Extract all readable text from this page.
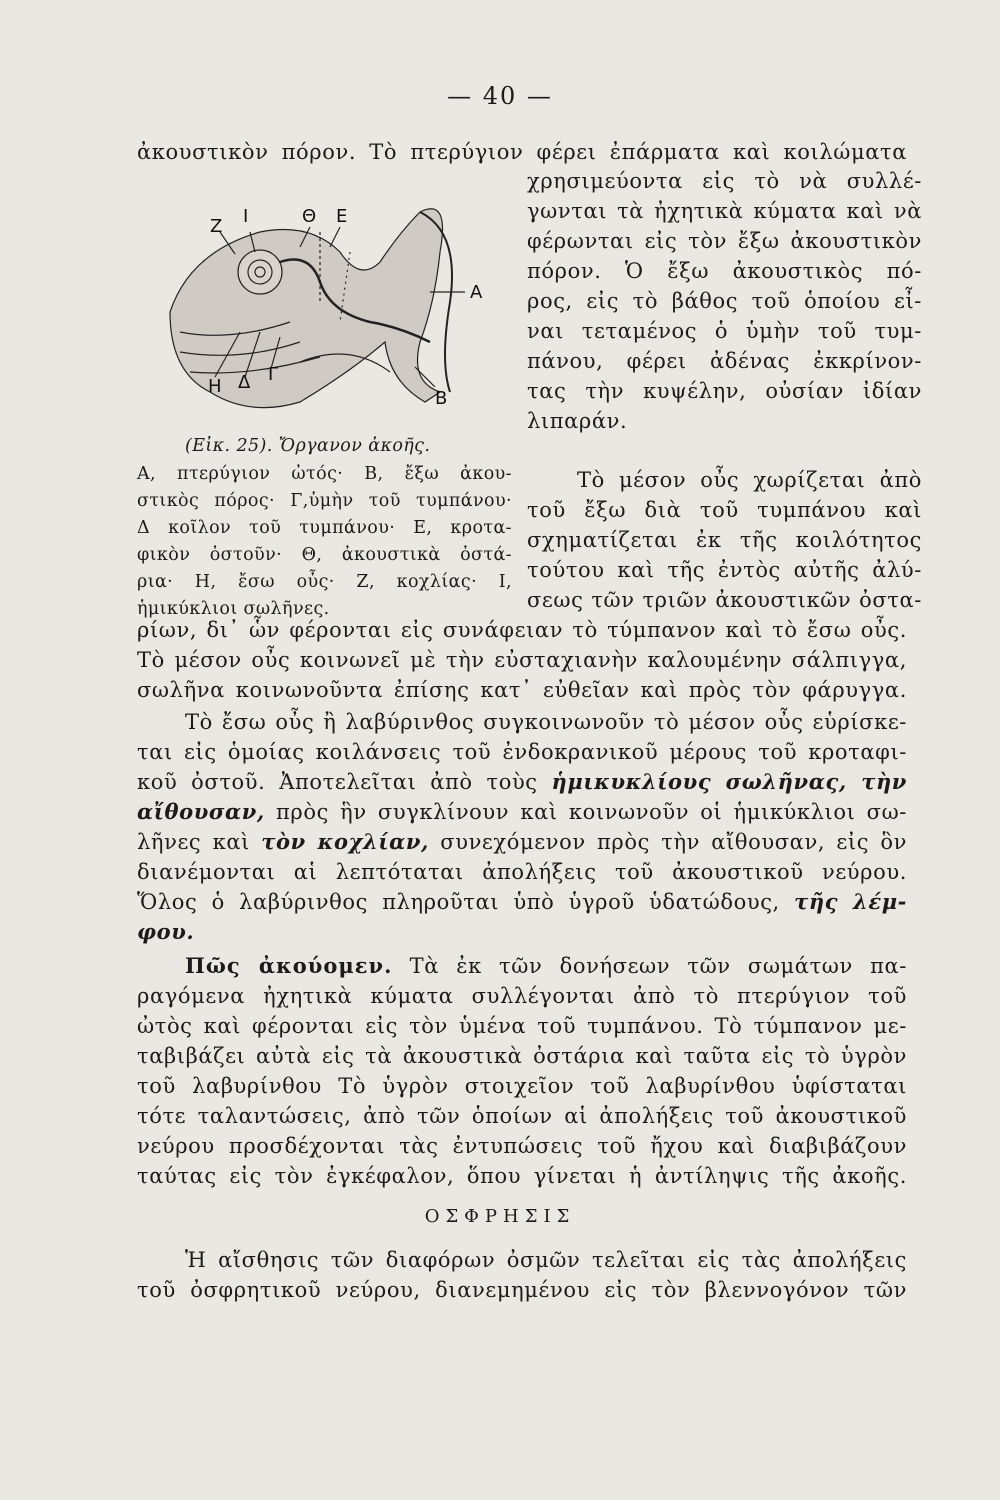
— 40 —
ἀκουστικὸν πόρον. Τὸ πτερύγιον φέρει ἐπάρματα καὶ κοιλώματα
Ζ Ι	Θ Ε
Α
Η Δ Γ
Β
χρησιμεύοντα εἰς τὸ νὰ συλλέ-
γωνται τὰ ἠχητικὰ κύματα καὶ νὰ
φέρωνται εἰς τὸν ἔξω ἀκουστικὸν
πόρον. Ὁ ἔξω ἀκουστικὸς πό-
ρος, εἰς τὸ βάθος τοῦ ὁποίου εἶ-
ναι τεταμένος ὁ ὑμὴν τοῦ τυμ-
πάνου, φέρει ἀδένας ἐκκρίνον-
τας τὴν κυψέλην, οὐσίαν ἰδίαν
λιπαράν.
(Εἰκ. 25). Ὄργανον ἀκοῆς.
Α, πτερύγιον ὠτός· Β, ἔξω ἀκου-
στικὸς πόρος· Γ,ὑμὴν τοῦ τυμπάνου·
Δ κοῖλον τοῦ τυμπάνου· Ε, κροτα-
φικὸν ὀστοῦν· Θ, ἀκουστικὰ ὀστά-
ρια· Η, ἔσω οὖς· Ζ, κοχλίας· Ι,
ἡμικύκλιοι σωλῆνες.
Τὸ μέσον οὖς χωρίζεται ἀπὸ
τοῦ ἔξω διὰ τοῦ τυμπάνου καὶ
σχηματίζεται ἐκ τῆς κοιλότητος
τούτου καὶ τῆς ἐντὸς αὐτῆς ἀλύ-
σεως τῶν τριῶν ἀκουστικῶν ὀστα-
ρίων, δι᾿ ὧν φέρονται εἰς συνάφειαν τὸ τύμπανον καὶ τὸ ἔσω οὖς.
Τὸ μέσον οὖς κοινωνεῖ μὲ τὴν εὐσταχιανὴν καλουμένην σάλπιγγα,
σωλῆνα κοινωνοῦντα ἐπίσης κατ᾿ εὐθεῖαν καὶ πρὸς τὸν φάρυγγα.
Τὸ ἔσω οὖς ἢ λαβύρινθος συγκοινωνοῦν τὸ μέσον οὖς εὑρίσκε-
ται εἰς ὁμοίας κοιλάνσεις τοῦ ἐνδοκρανικοῦ μέρους τοῦ κροταφι-
κοῦ ὀστοῦ. Ἀποτελεῖται ἀπὸ τοὺς ἡμικυκλίους σωλῆνας, τὴν
αἴθουσαν, πρὸς ἣν συγκλίνουν καὶ κοινωνοῦν οἱ ἡμικύκλιοι σω-
λῆνες καὶ τὸν κοχλίαν, συνεχόμενον πρὸς τὴν αἴθουσαν, εἰς ὃν
διανέμονται αἱ λεπτόταται ἀπολήξεις τοῦ ἀκουστικοῦ νεύρου.
Ὅλος ὁ λαβύρινθος πληροῦται ὑπὸ ὑγροῦ ὑδατώδους, τῆς λέμ-
φου.
Πῶς ἀκούομεν. Τὰ ἐκ τῶν δονήσεων τῶν σωμάτων πα-
ραγόμενα ἠχητικὰ κύματα συλλέγονται ἀπὸ τὸ πτερύγιον τοῦ
ὠτὸς καὶ φέρονται εἰς τὸν ὑμένα τοῦ τυμπάνου. Τὸ τύμπανον με-
ταβιβάζει αὐτὰ εἰς τὰ ἀκουστικὰ ὀστάρια καὶ ταῦτα εἰς τὸ ὑγρὸν
τοῦ λαβυρίνθου Τὸ ὑγρὸν στοιχεῖον τοῦ λαβυρίνθου ὑφίσταται
τότε ταλαντώσεις, ἀπὸ τῶν ὁποίων αἱ ἀπολήξεις τοῦ ἀκουστικοῦ
νεύρου προσδέχονται τὰς ἐντυπώσεις τοῦ ἤχου καὶ διαβιβάζουν
ταύτας εἰς τὸν ἐγκέφαλον, ὅπου γίνεται ἡ ἀντίληψις τῆς ἀκοῆς.
ΟΣΦΡΗΣΙΣ
Ἡ αἴσθησις τῶν διαφόρων ὀσμῶν τελεῖται εἰς τὰς ἀπολήξεις
τοῦ ὀσφρητικοῦ νεύρου, διανεμημένου εἰς τὸν βλεννογόνον τῶν
